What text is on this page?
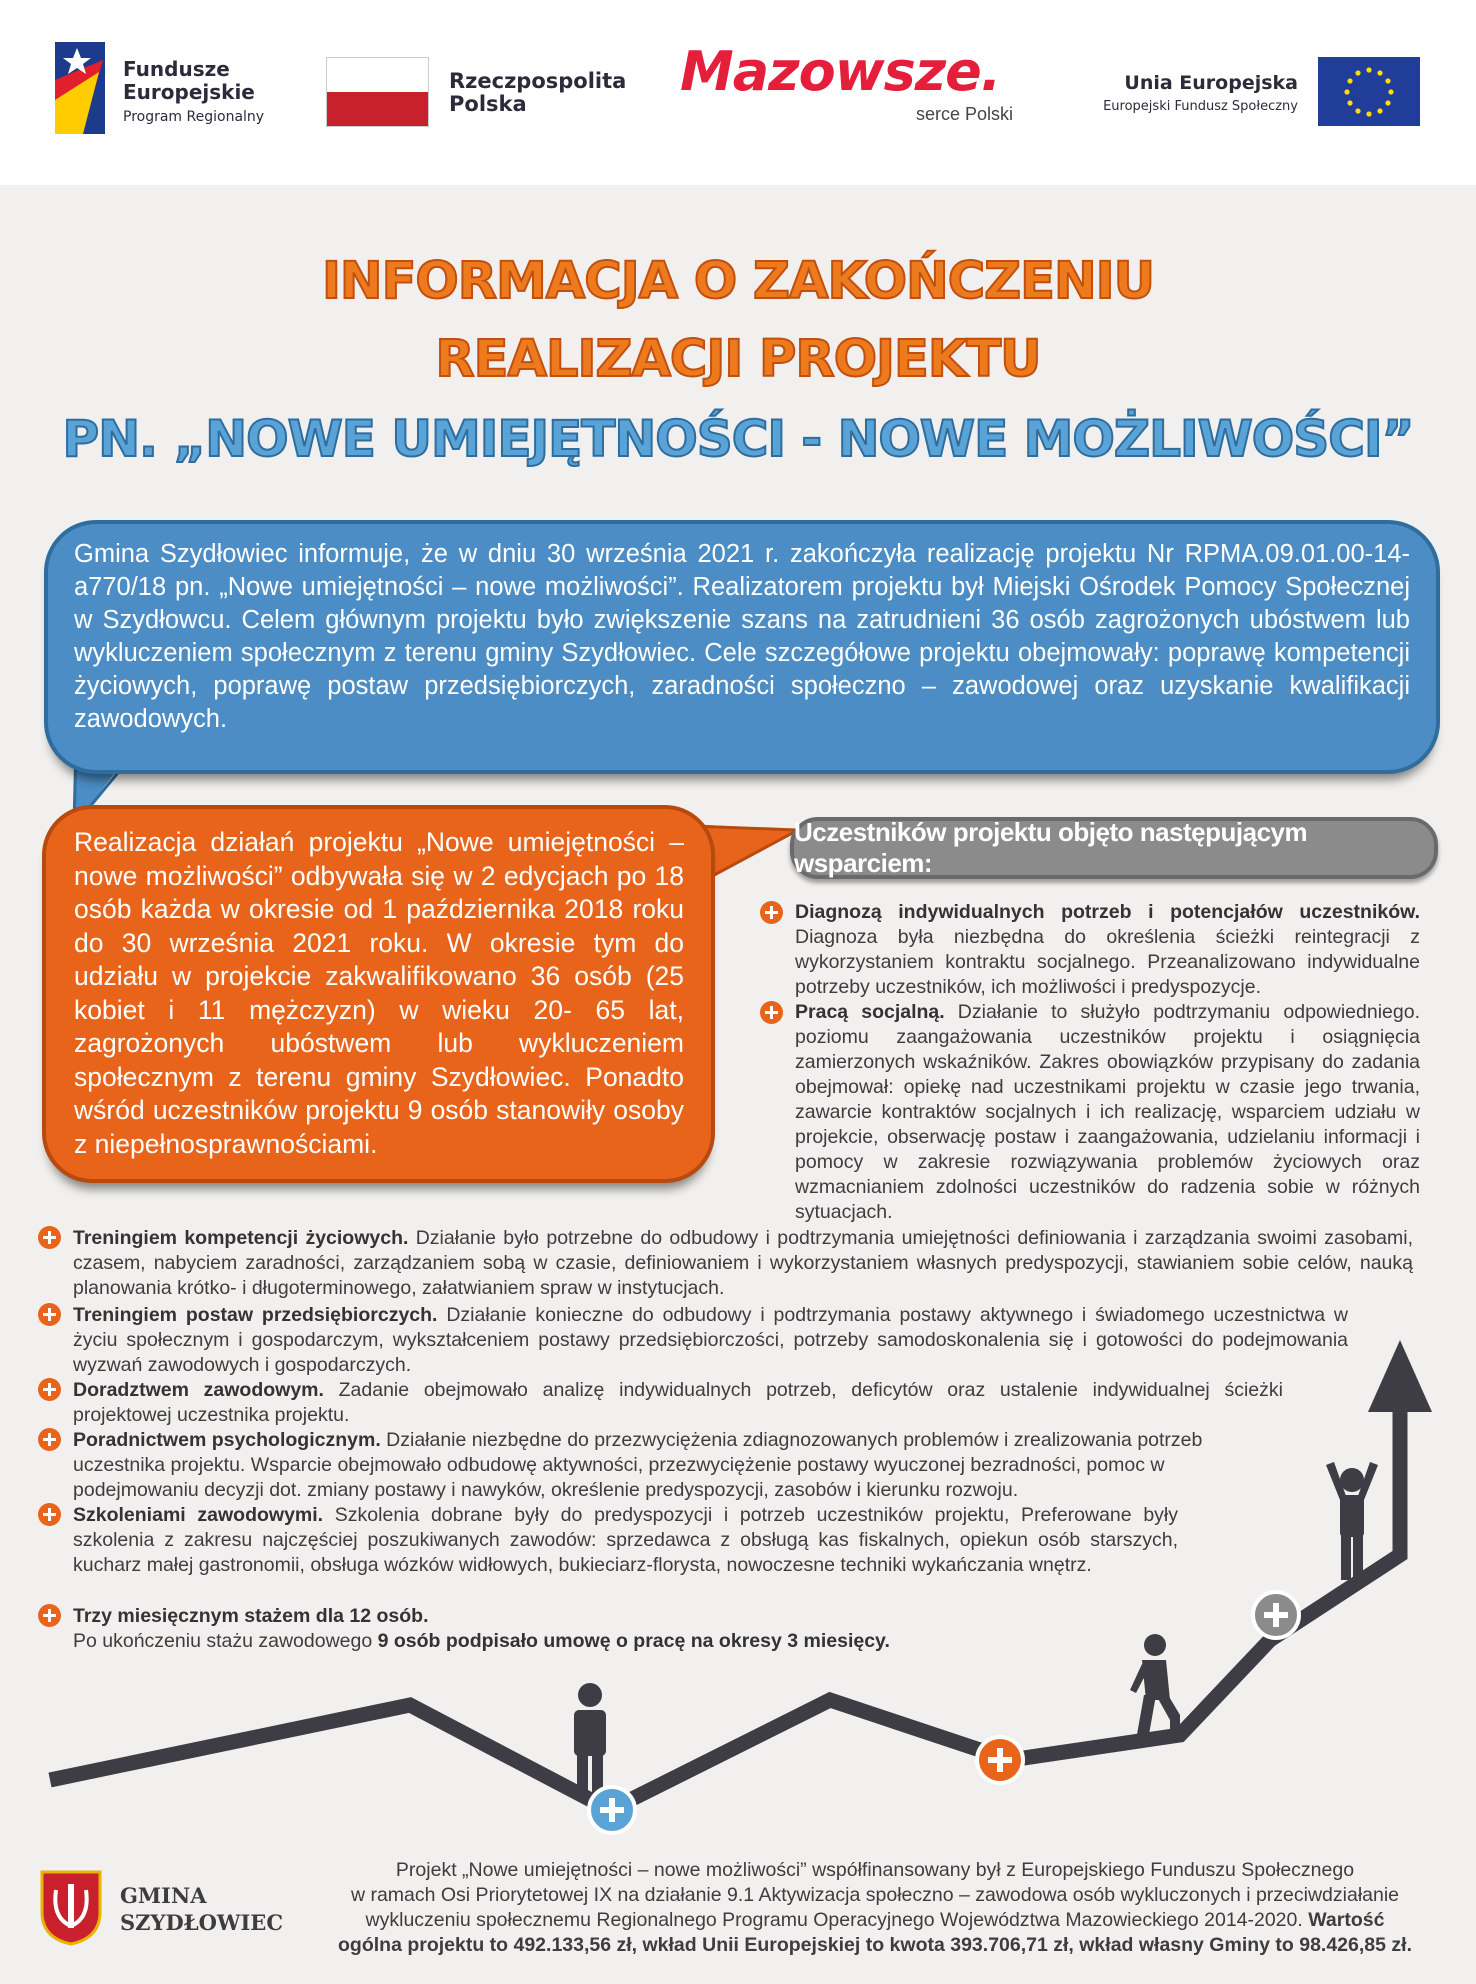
Fundusze
Europejskie
Program Regionalny
Rzeczpospolita
Polska
Mazowsze.
serce Polski
Unia Europejska
Europejski Fundusz Społeczny
INFORMACJA O ZAKOŃCZENIU
REALIZACJI PROJEKTU
PN. „NOWE UMIEJĘTNOŚCI - NOWE MOŻLIWOŚCI”
Gmina Szydłowiec informuje, że w dniu 30 września 2021 r. zakończyła realizację projektu Nr RPMA.09.01.00-14-a770/18 pn. „Nowe umiejętności – nowe możliwości”. Realizatorem projektu był Miejski Ośrodek Pomocy Społecznej w Szydłowcu. Celem głównym projektu było zwiększenie szans na zatrudnieni 36 osób zagrożonych ubóstwem lub wykluczeniem społecznym z terenu gminy Szydłowiec. Cele szczegółowe projektu obejmowały: poprawę kompetencji życiowych, poprawę postaw przedsiębiorczych, zaradności społeczno – zawodowej oraz uzyskanie kwalifikacji zawodowych.
Realizacja działań projektu „Nowe umiejętności – nowe możliwości” odbywała się w 2 edycjach po 18 osób każda w okresie od 1 października 2018 roku do 30 września 2021 roku. W okresie tym do udziału w projekcie zakwalifikowano 36 osób (25 kobiet i 11 mężczyzn) w wieku 20- 65 lat, zagrożonych ubóstwem lub wykluczeniem społecznym z terenu gminy Szydłowiec. Ponadto wśród uczestników projektu 9 osób stanowiły osoby z niepełnosprawnościami.
Uczestników projektu objęto następującym wsparciem:
Diagnozą indywidualnych potrzeb i potencjałów uczestników. Diagnoza była niezbędna do określenia ścieżki reintegracji z wykorzystaniem kontraktu socjalnego. Przeanalizowano indywidualne potrzeby uczestników, ich możliwości i predyspozycje.
Pracą socjalną. Działanie to służyło podtrzymaniu odpowiedniego. poziomu zaangażowania uczestników projektu i osiągnięcia zamierzonych wskaźników. Zakres obowiązków przypisany do zadania obejmował: opiekę nad uczestnikami projektu w czasie jego trwania, zawarcie kontraktów socjalnych i ich realizację, wsparciem udziału w projekcie, obserwację postaw i zaangażowania, udzielaniu informacji i pomocy w zakresie rozwiązywania problemów życiowych oraz wzmacnianiem zdolności uczestników do radzenia sobie w różnych sytuacjach.
Treningiem kompetencji życiowych. Działanie było potrzebne do odbudowy i podtrzymania umiejętności definiowania i zarządzania swoimi zasobami, czasem, nabyciem zaradności, zarządzaniem sobą w czasie, definiowaniem i wykorzystaniem własnych predyspozycji, stawianiem sobie celów, nauką planowania krótko- i długoterminowego, załatwianiem spraw w instytucjach.
Treningiem postaw przedsiębiorczych. Działanie konieczne do odbudowy i podtrzymania postawy aktywnego i świadomego uczestnictwa w życiu społecznym i gospodarczym, wykształceniem postawy przedsiębiorczości, potrzeby samodoskonalenia się i gotowości do podejmowania wyzwań zawodowych i gospodarczych.
Doradztwem zawodowym. Zadanie obejmowało analizę indywidualnych potrzeb, deficytów oraz ustalenie indywidualnej ścieżki projektowej uczestnika projektu.
Poradnictwem psychologicznym. Działanie niezbędne do przezwyciężenia zdiagnozowanych problemów i zrealizowania potrzeb uczestnika projektu. Wsparcie obejmowało odbudowę aktywności, przezwyciężenie postawy wyuczonej bezradności, pomoc w podejmowaniu decyzji dot. zmiany postawy i nawyków, określenie predyspozycji, zasobów i kierunku rozwoju.
Szkoleniami zawodowymi. Szkolenia dobrane były do predyspozycji i potrzeb uczestników projektu, Preferowane były szkolenia z zakresu najczęściej poszukiwanych zawodów: sprzedawca z obsługą kas fiskalnych, opiekun osób starszych, kucharz małej gastronomii, obsługa wózków widłowych, bukieciarz-florysta, nowoczesne techniki wykańczania wnętrz.
Trzy miesięcznym stażem dla 12 osób.
Po ukończeniu stażu zawodowego 9 osób podpisało umowę o pracę na okresy 3 miesięcy.
GMINA
SZYDŁOWIEC
Projekt „Nowe umiejętności – nowe możliwości” współfinansowany był z Europejskiego Funduszu Społecznego
w ramach Osi Priorytetowej IX na działanie 9.1 Aktywizacja społeczno – zawodowa osób wykluczonych i przeciwdziałanie
wykluczeniu społecznemu Regionalnego Programu Operacyjnego Województwa Mazowieckiego 2014-2020. Wartość
ogólna projektu to 492.133,56 zł, wkład Unii Europejskiej to kwota 393.706,71 zł, wkład własny Gminy to 98.426,85 zł.
